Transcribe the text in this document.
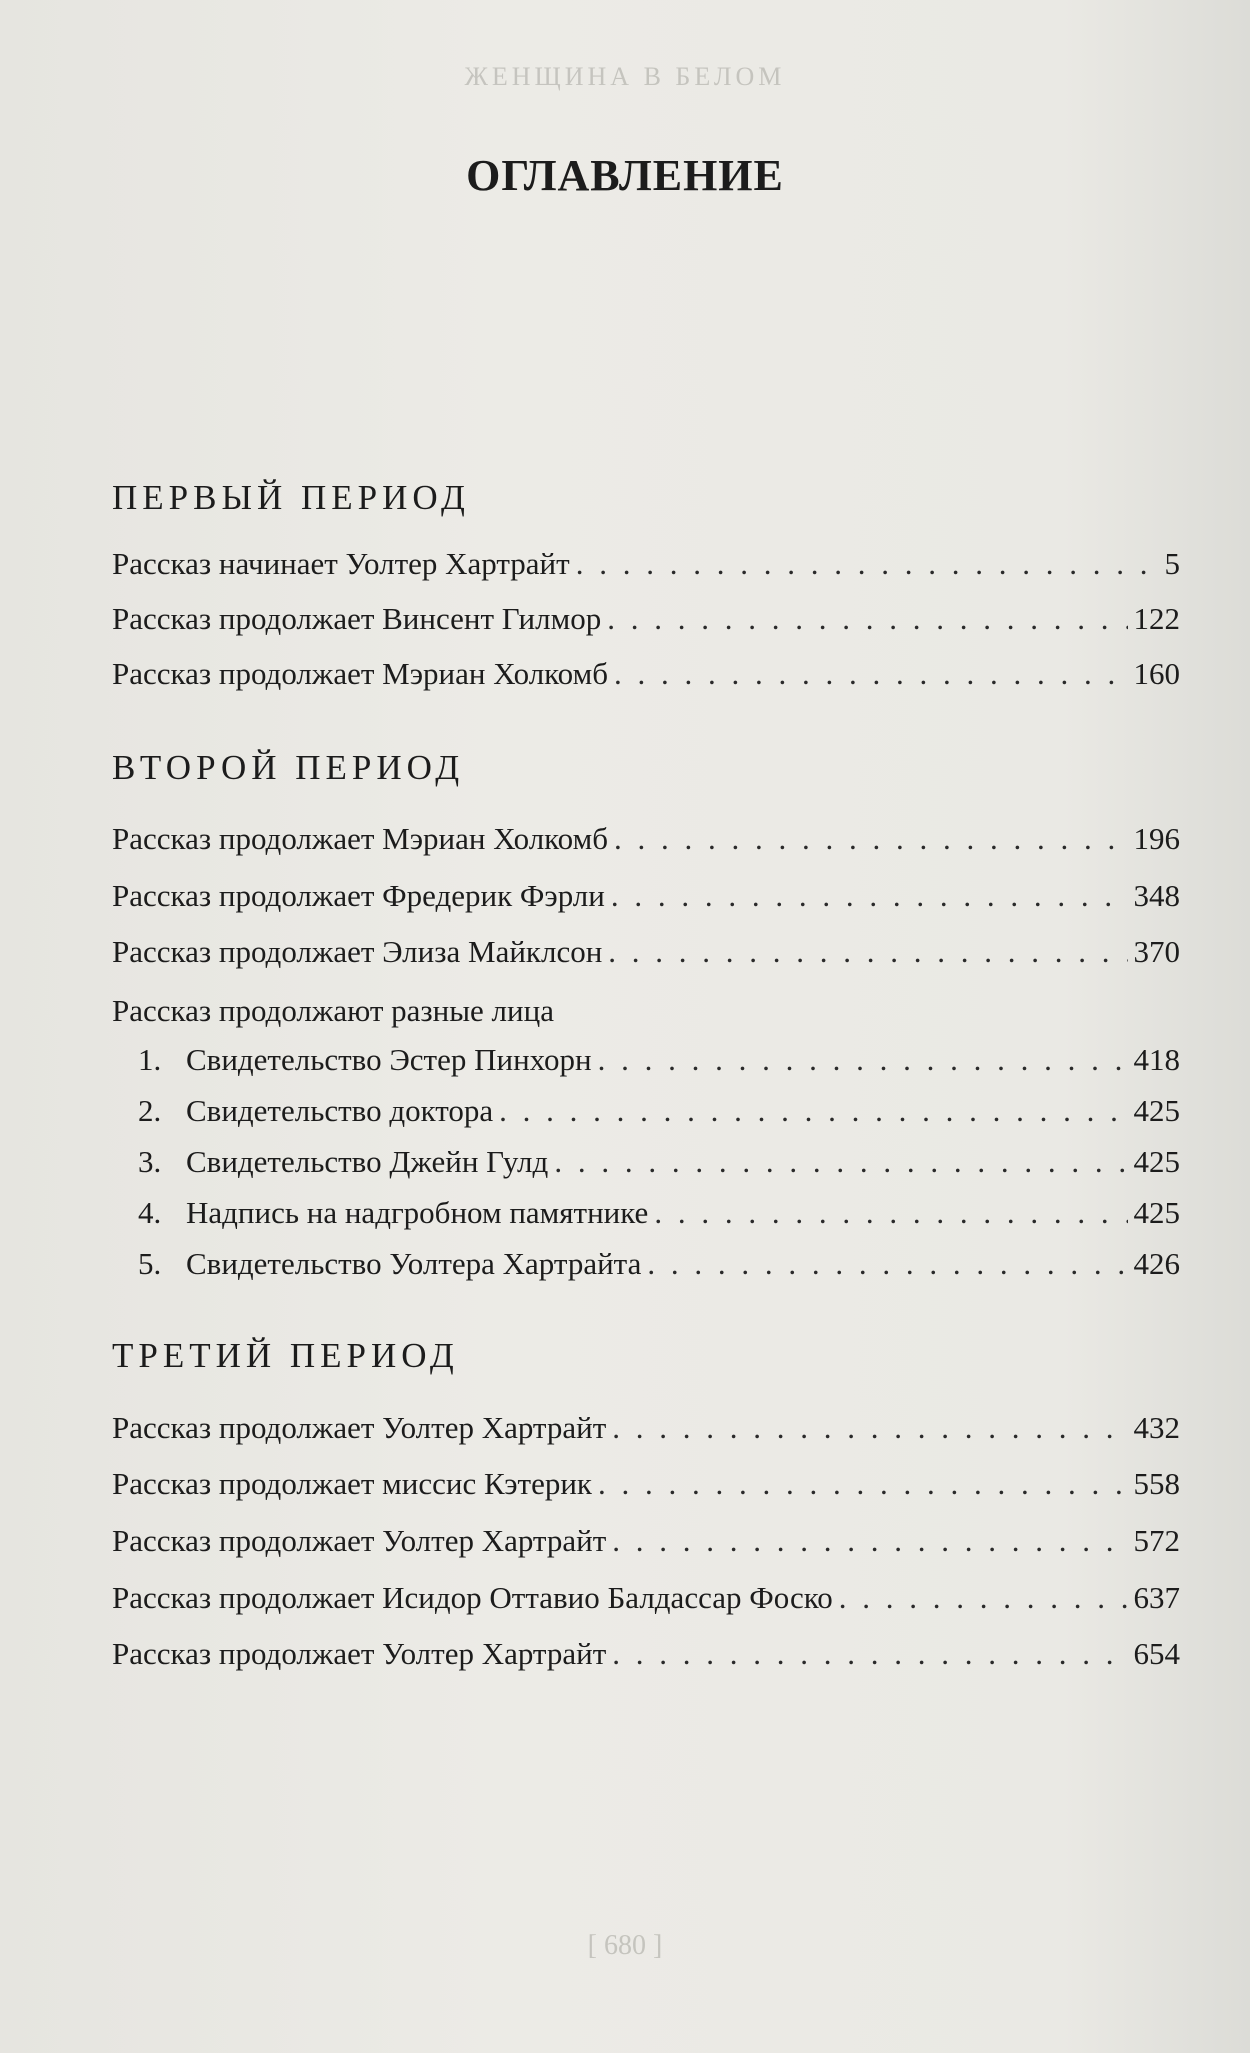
ЖЕНЩИНА В БЕЛОМ
ОГЛАВЛЕНИЕ
ПЕРВЫЙ ПЕРИОД
Рассказ начинает Уолтер Хартрайт . . .	5
Рассказ продолжает Винсент Гилмор . . .	122
Рассказ продолжает Мэриан Холкомб . . .	160
ВТОРОЙ ПЕРИОД
Рассказ продолжает Мэриан Холкомб . . .	196
Рассказ продолжает Фредерик Фэрли . . .	348
Рассказ продолжает Элиза Майклсон . . .	370
Рассказ продолжают разные лица
1. Свидетельство Эстер Пинхорн . . .	418
2. Свидетельство доктора . . .	425
3. Свидетельство Джейн Гулд . . .	425
4. Надпись на надгробном памятнике . . .	425
5. Свидетельство Уолтера Хартрайта . . .	426
ТРЕТИЙ ПЕРИОД
Рассказ продолжает Уолтер Хартрайт . . .	432
Рассказ продолжает миссис Кэтерик . . .	558
Рассказ продолжает Уолтер Хартрайт . . .	572
Рассказ продолжает Исидор Оттавио Балдассар Фоско . . .	637
Рассказ продолжает Уолтер Хартрайт . . .	654
[ 680 ]
